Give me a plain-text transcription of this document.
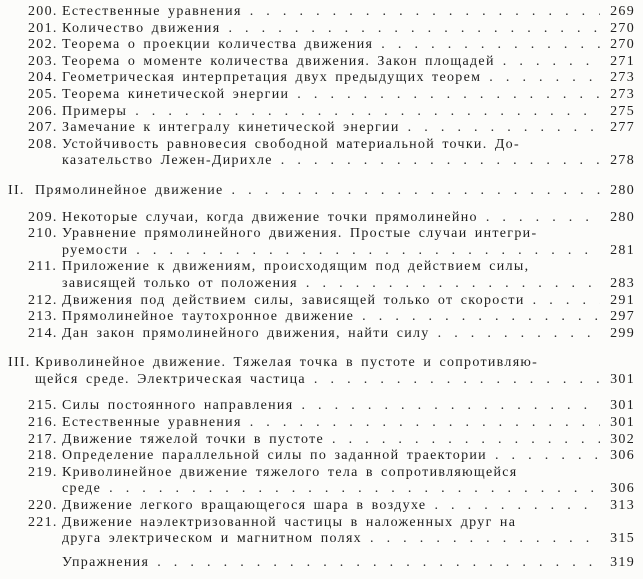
200. Естественные уравнения . . .	269
201. Количество движения . . .	270
202. Теорема о проекции количества движения . . .	270
203. Теорема о моменте количества движения. Закон площадей . . .	271
204. Геометрическая интерпретация двух предыдущих теорем . . .	273
205. Теорема кинетической энергии . . .	273
206. Примеры . . .	275
207. Замечание к интегралу кинетической энергии . . .	277
208. Устойчивость равновесия свободной материальной точки. До-
казательство Лежен-Дирихле . . .	278
II. Прямолинейное движение . . .	280
209. Некоторые случаи, когда движение точки прямолинейно . . .	280
210. Уравнение прямолинейного движения. Простые случаи интегри-
руемости . . .	281
211. Приложение к движениям, происходящим под действием силы,
зависящей только от положения . . .	283
212. Движения под действием силы, зависящей только от скорости . . .	291
213. Прямолинейное таутохронное движение . . .	297
214. Дан закон прямолинейного движения, найти силу . . .	299
III. Криволинейное движение. Тяжелая точка в пустоте и сопротивляю-
щейся среде. Электрическая частица . . .	301
215. Силы постоянного направления . . .	301
216. Естественные уравнения . . .	301
217. Движение тяжелой точки в пустоте . . .	302
218. Определение параллельной силы по заданной траектории . . .	306
219. Криволинейное движение тяжелого тела в сопротивляющейся
среде . . .	306
220. Движение легкого вращающегося шара в воздухе . . .	313
221. Движение наэлектризованной частицы в наложенных друг на
друга электрическом и магнитном полях . . .	315
Упражнения . . .	319
